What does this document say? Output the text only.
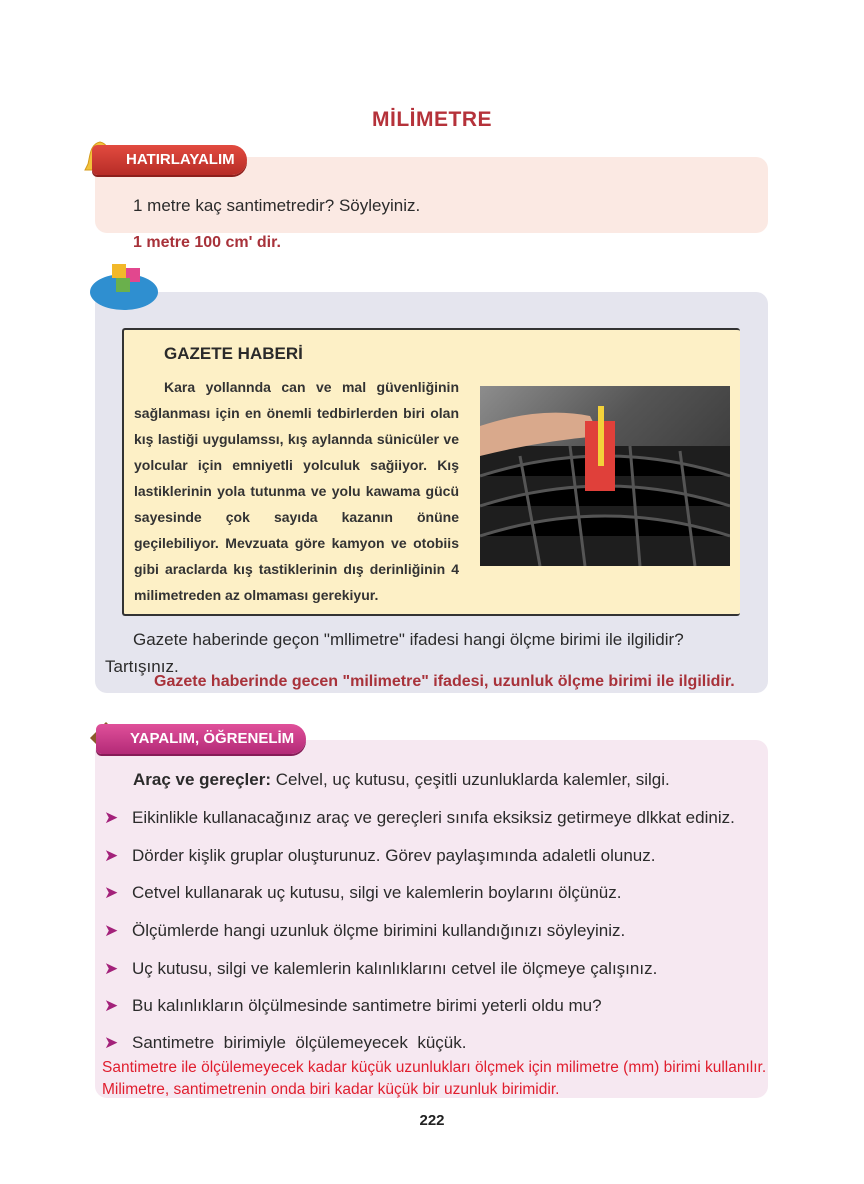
MİLİMETRE
HATIRLAYALIM
1 metre kaç santimetredir? Söyleyiniz.
1 metre 100 cm' dir.
GAZETE HABERİ

Kara yollannda can ve mal güvenliğinin sağlanması için en önemli tedbirlerden biri olan kış lastiği uygulamssı, kış aylannda sünicüler ve yolcular için emniyetli yolculuk sağiiyor. Kış lastiklerinin yola tutunma ve yolu kawama gücü sayesinde çok sayıda kazanın önüne geçilebiliyor. Mevzuata göre kamyon ve otobiis gibi araclarda kış tastiklerinin dış derinliğinin 4 milimetreden az olmaması gerekiyur.

Gazete haberinde geçon "mllimetre" ifadesi hangi ölçme birimi ile ilgilidir? Tartışınız.
Gazete haberinde gecen "milimetre" ifadesi, uzunluk ölçme birimi ile ilgilidir.
YAPALIM, ÖĞRENELİM
Araç ve gereçler: Celvel, uç kutusu, çeşitli uzunluklarda kalemler, silgi.
➤ Eikinlikle kullanacağınız araç ve gereçleri sınıfa eksiksiz getirmeye dlkkat ediniz.
➤ Dörder kişlik gruplar oluşturunuz. Görev paylaşımında adaletli olunuz.
➤ Cetvel kullanarak uç kutusu, silgi ve kalemlerin boylarını ölçünüz.
➤ Ölçümlerde hangi uzunluk ölçme birimini kullandığınızı söyleyiniz.
➤ Uç kutusu, silgi ve kalemlerin kalınlıklarını cetvel ile ölçmeye çalışınız.
➤ Bu kalınlıkların ölçülmesinde santimetre birimi yeterli oldu mu?
➤ Santimetre  birimiyle  ölçülemeyecek  küçük.
Santimetre ile ölçülemeyecek kadar küçük uzunlukları ölçmek için milimetre (mm) birimi kullanılır. Milimetre, santimetrenin onda biri kadar küçük bir uzunluk birimidir.
222
